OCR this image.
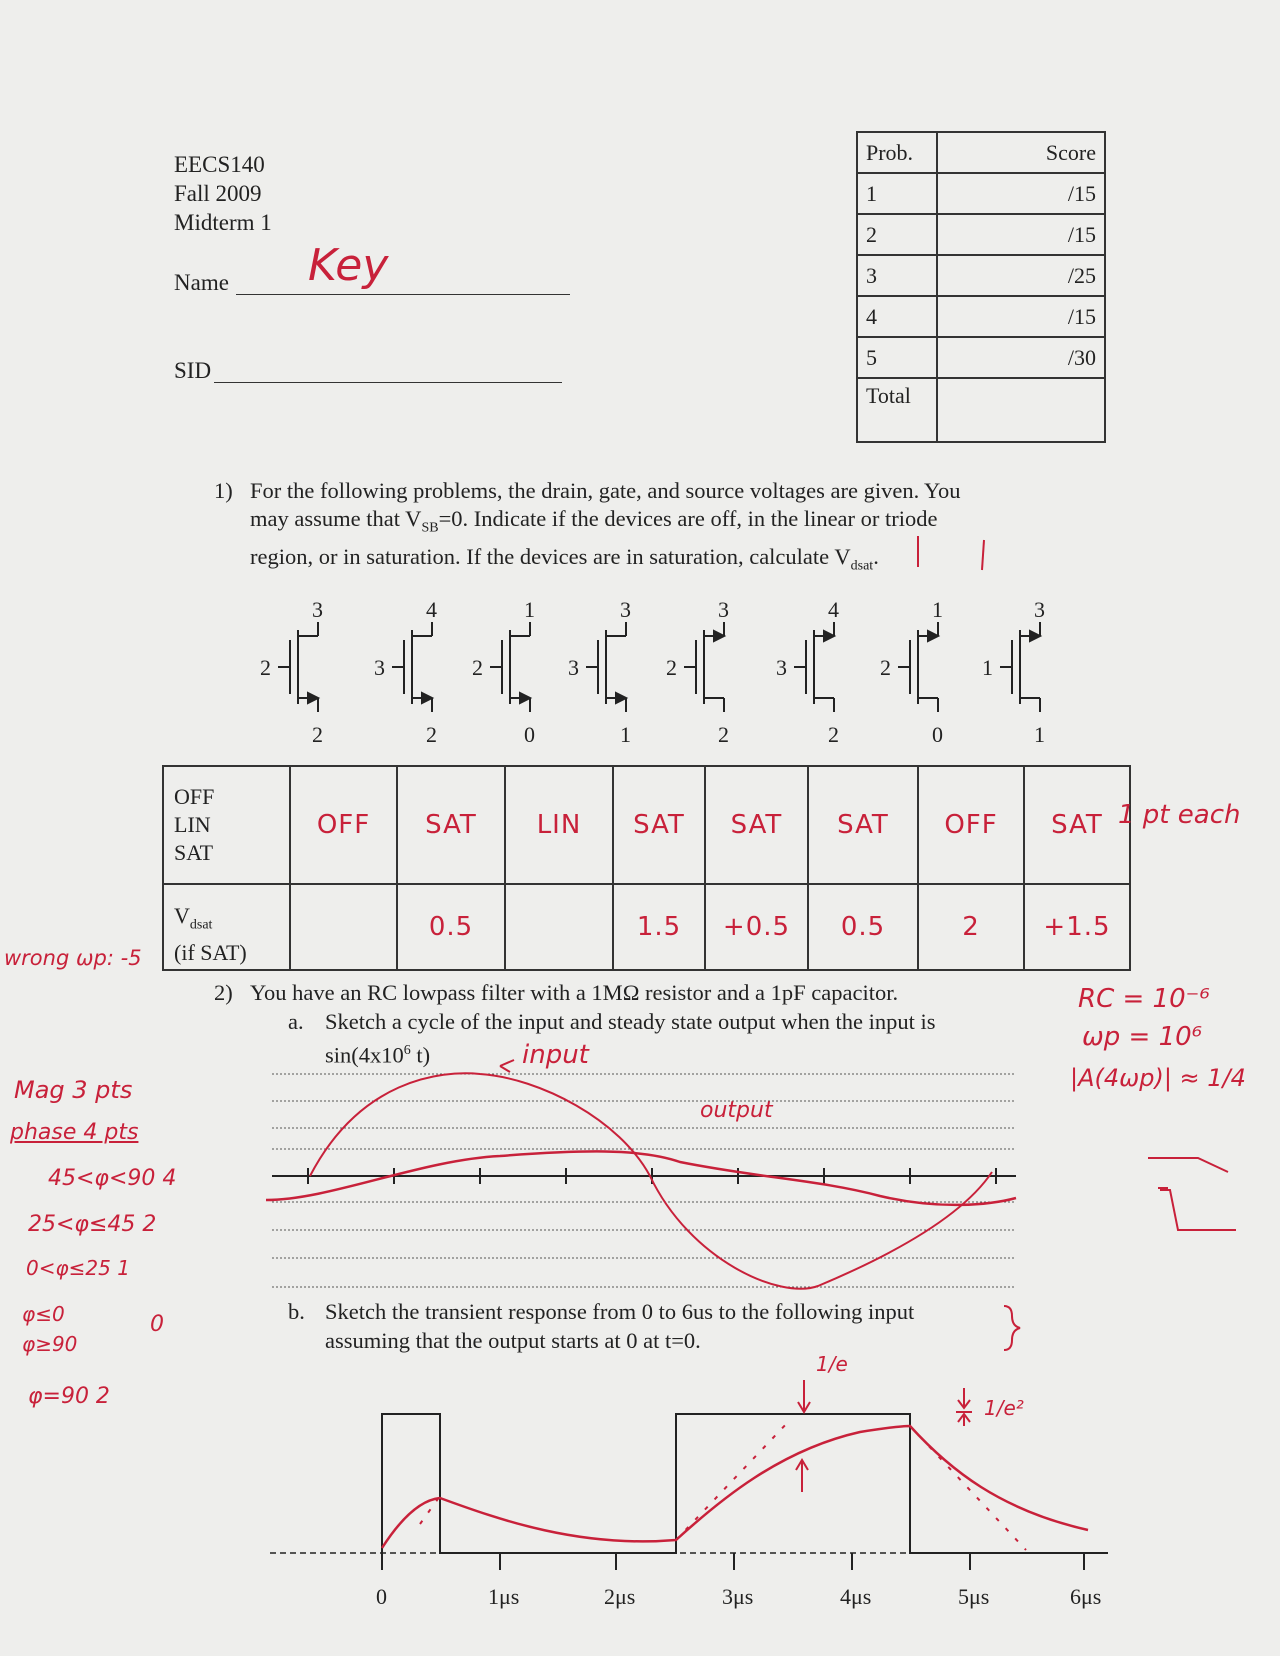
EECS140
Fall 2009
Midterm 1
Name Key
SID
Prob.	Score
1	/15
2	/15
3	/25
4	/15
5	/30
Total	
1) For the following problems, the drain, gate, and source voltages are given. You
may assume that $V_{SB}=0$. Indicate if the devices are off, in the linear or triode
region, or in saturation. If the devices are in saturation, calculate $V_{dsat}$.
3
2
2
4
3
2
1
2
0
3
3
1
3
2
2
4
3
2
1
2
0
3
1
1
0	1μs	2μs	3μs	4μs	5μs	6μs
OFF
LIN
SAT	OFF	SAT	LIN	SAT	SAT	SAT	OFF	SAT

$V_{dsat}$
(if SAT)		0.5		1.5	+0.5	0.5	2	+1.5
1 pt each
wrong ωp: -5
2) You have an RC lowpass filter with a 1MΩ resistor and a 1pF capacitor.
a. Sketch a cycle of the input and steady state output when the input is
$\sin(4x10^6$ t)	input
output
b. Sketch the transient response from 0 to 6us to the following input
assuming that the output starts at 0 at t=0.
1/e
1/e²
RC = 10⁻⁶
ωp = 10⁶
|A(4ωp)| ≈ 1/4
Mag 3 pts
phase 4 pts
45<φ<90 4
25<φ≤45 2
0<φ≤25 1
φ≤0
φ≥90
0
φ=90 2
